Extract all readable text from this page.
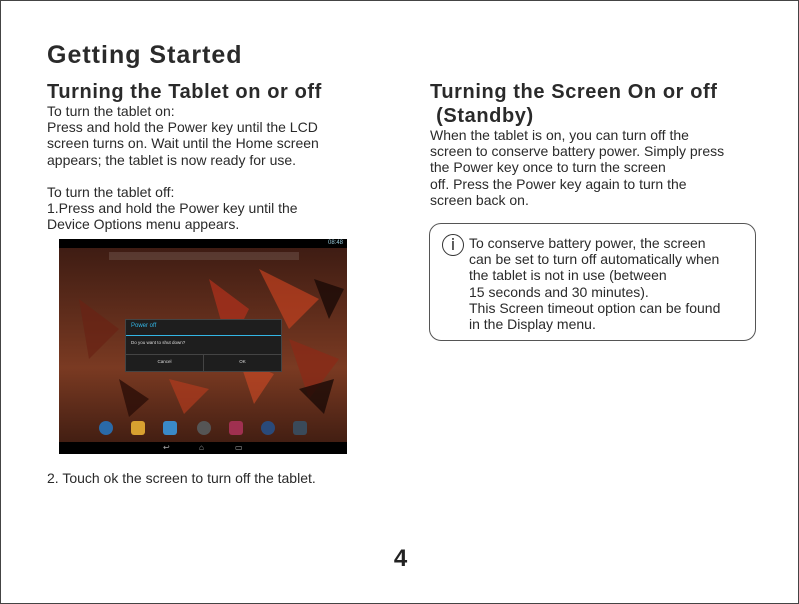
Getting Started
Turning the Tablet on or off
To turn the tablet on:
Press and hold the Power key until the LCD
screen turns on. Wait until the Home screen
appears; the tablet is now ready for use.
To turn the tablet off:
1.Press and hold the Power key until the
Device Options menu appears.
08:48
Power off
Do you want to shut down?
Cancel	OK
↩	⌂	▭
2. Touch ok the screen to turn off the tablet.
Turning the Screen On or off
(Standby)
When the tablet is on, you can turn off the
screen to conserve battery power. Simply press
the Power key once to turn the screen
off. Press the Power key again to turn the
screen back on.
i To conserve battery power, the screen
can be set to turn off automatically when
the tablet is not in use (between
15 seconds and 30 minutes).
This Screen timeout option can be found
in the Display menu.
4
